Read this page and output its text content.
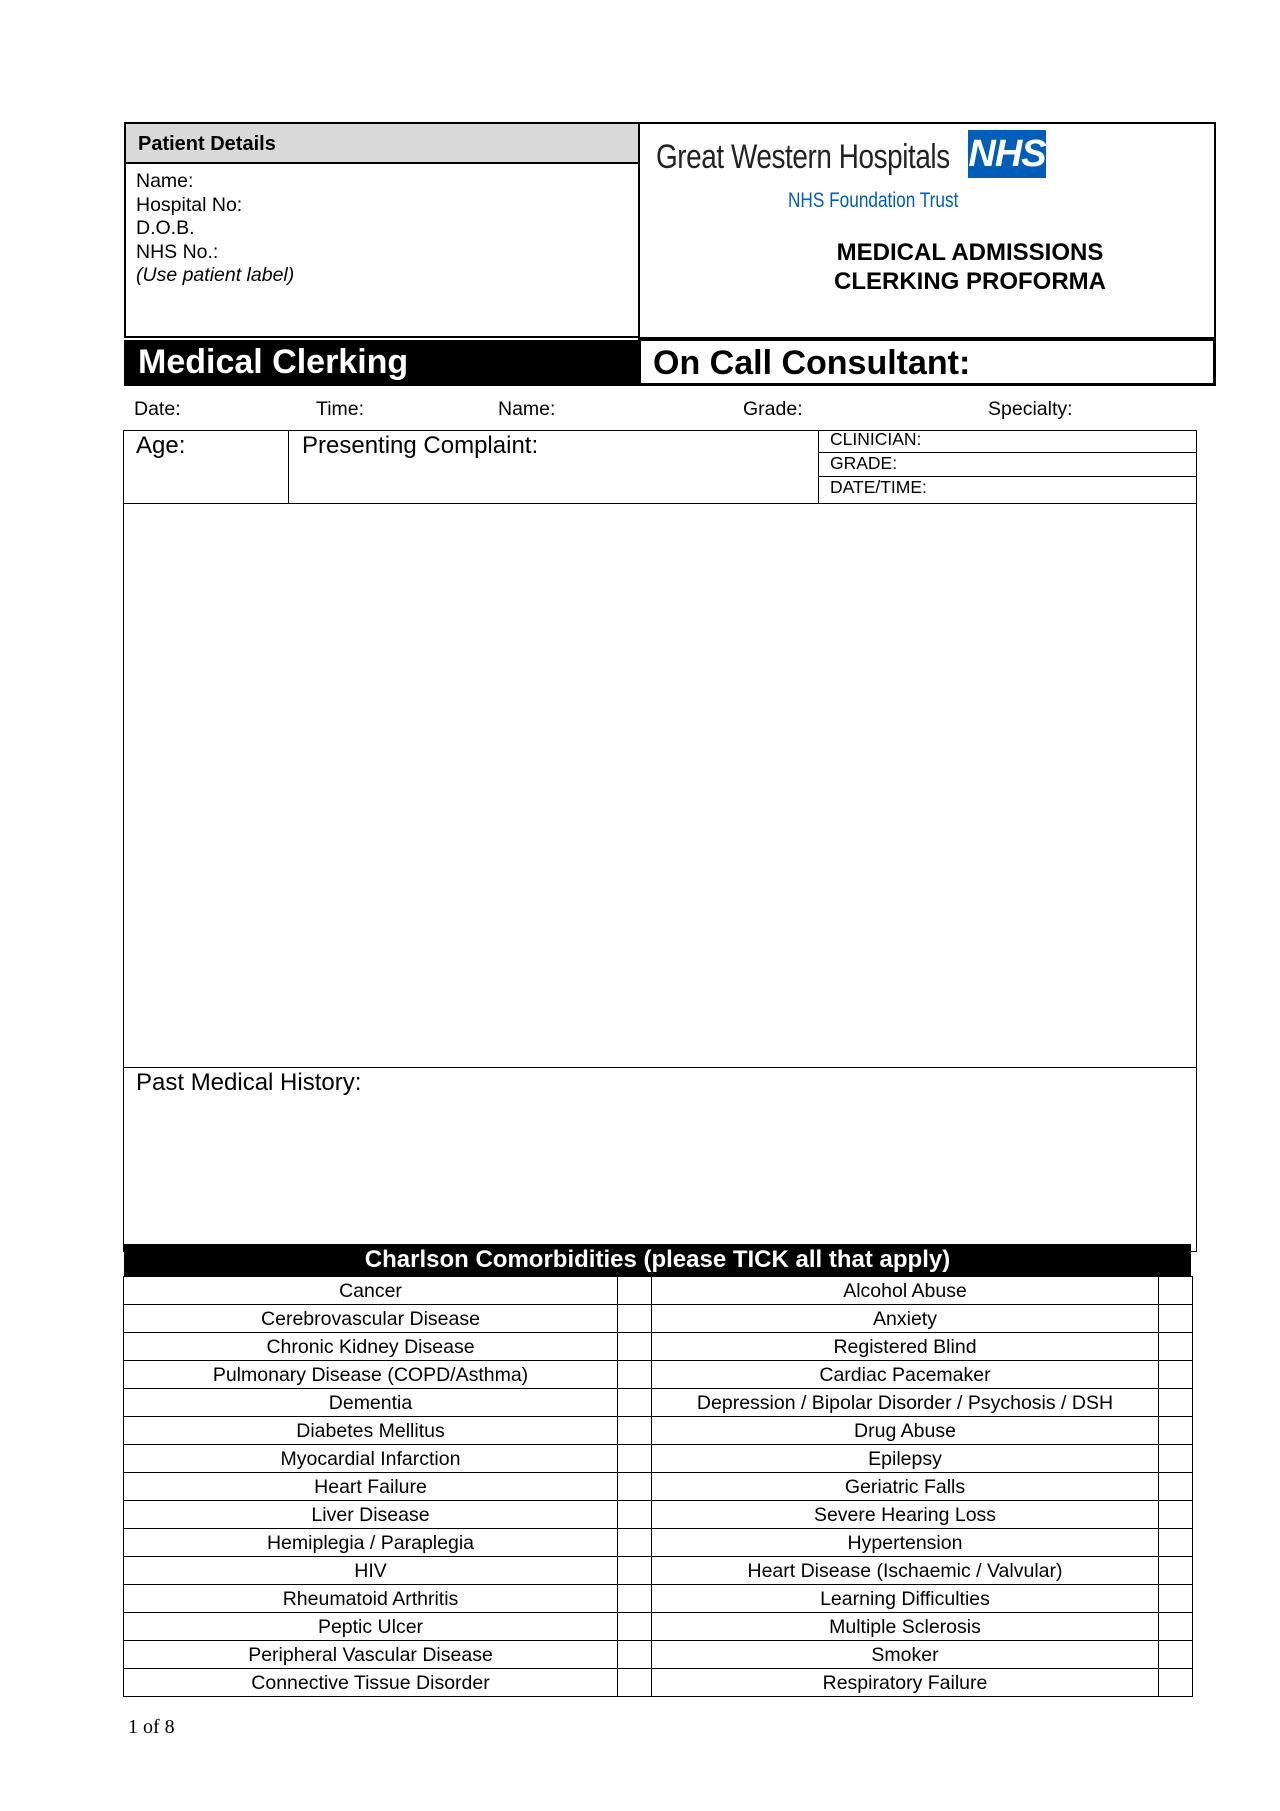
Patient Details
Name:
Hospital No:
D.O.B.
NHS No.:
(Use patient label)
Great Western Hospitals NHS
NHS Foundation Trust
MEDICAL ADMISSIONS
CLERKING PROFORMA
Medical Clerking	On Call Consultant:
Date:	Time:	Name:	Grade:	Specialty:
CLINICIAN:
GRADE:
DATE/TIME:
Age:	Presenting Complaint:
Past Medical History:
Charlson Comorbidities (please TICK all that apply)
Cancer		Alcohol Abuse	
Cerebrovascular Disease		Anxiety	
Chronic Kidney Disease		Registered Blind	
Pulmonary Disease (COPD/Asthma)		Cardiac Pacemaker	
Dementia		Depression / Bipolar Disorder / Psychosis / DSH	
Diabetes Mellitus		Drug Abuse	
Myocardial Infarction		Epilepsy	
Heart Failure		Geriatric Falls	
Liver Disease		Severe Hearing Loss	
Hemiplegia / Paraplegia		Hypertension	
HIV		Heart Disease (Ischaemic / Valvular)	
Rheumatoid Arthritis		Learning Difficulties	
Peptic Ulcer		Multiple Sclerosis	
Peripheral Vascular Disease		Smoker	
Connective Tissue Disorder		Respiratory Failure	
1 of 8
